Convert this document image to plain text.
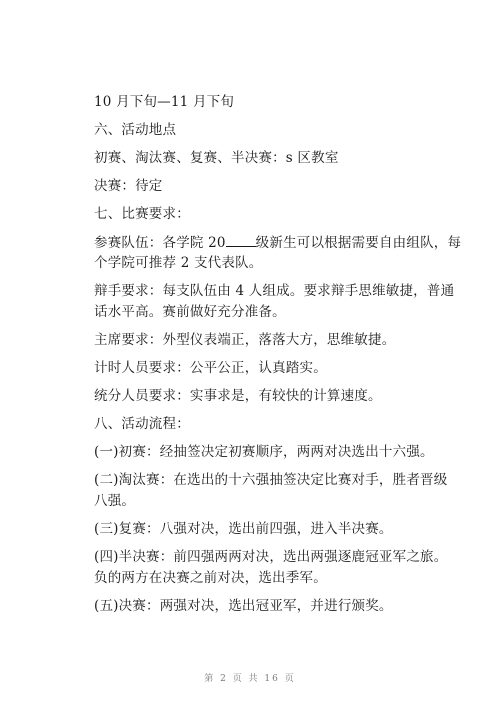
10 月下旬—11 月下旬
六、活动地点
初赛、淘汰赛、复赛、半决赛：s 区教室
决赛：待定
七、比赛要求：
参赛队伍：各学院 20 级新生可以根据需要自由组队，每
个学院可推荐 2 支代表队。
辩手要求：每支队伍由 4 人组成。要求辩手思维敏捷，普通
话水平高。赛前做好充分准备。
主席要求：外型仪表端正，落落大方，思维敏捷。
计时人员要求：公平公正，认真踏实。
统分人员要求：实事求是，有较快的计算速度。
八、活动流程：
(一)初赛：经抽签决定初赛顺序，两两对决选出十六强。
(二)淘汰赛：在选出的十六强抽签决定比赛对手，胜者晋级
八强。
(三)复赛：八强对决，选出前四强，进入半决赛。
(四)半决赛：前四强两两对决，选出两强逐鹿冠亚军之旅。
负的两方在决赛之前对决，选出季军。
(五)决赛：两强对决，选出冠亚军，并进行颁奖。
第 2 页 共 16 页
